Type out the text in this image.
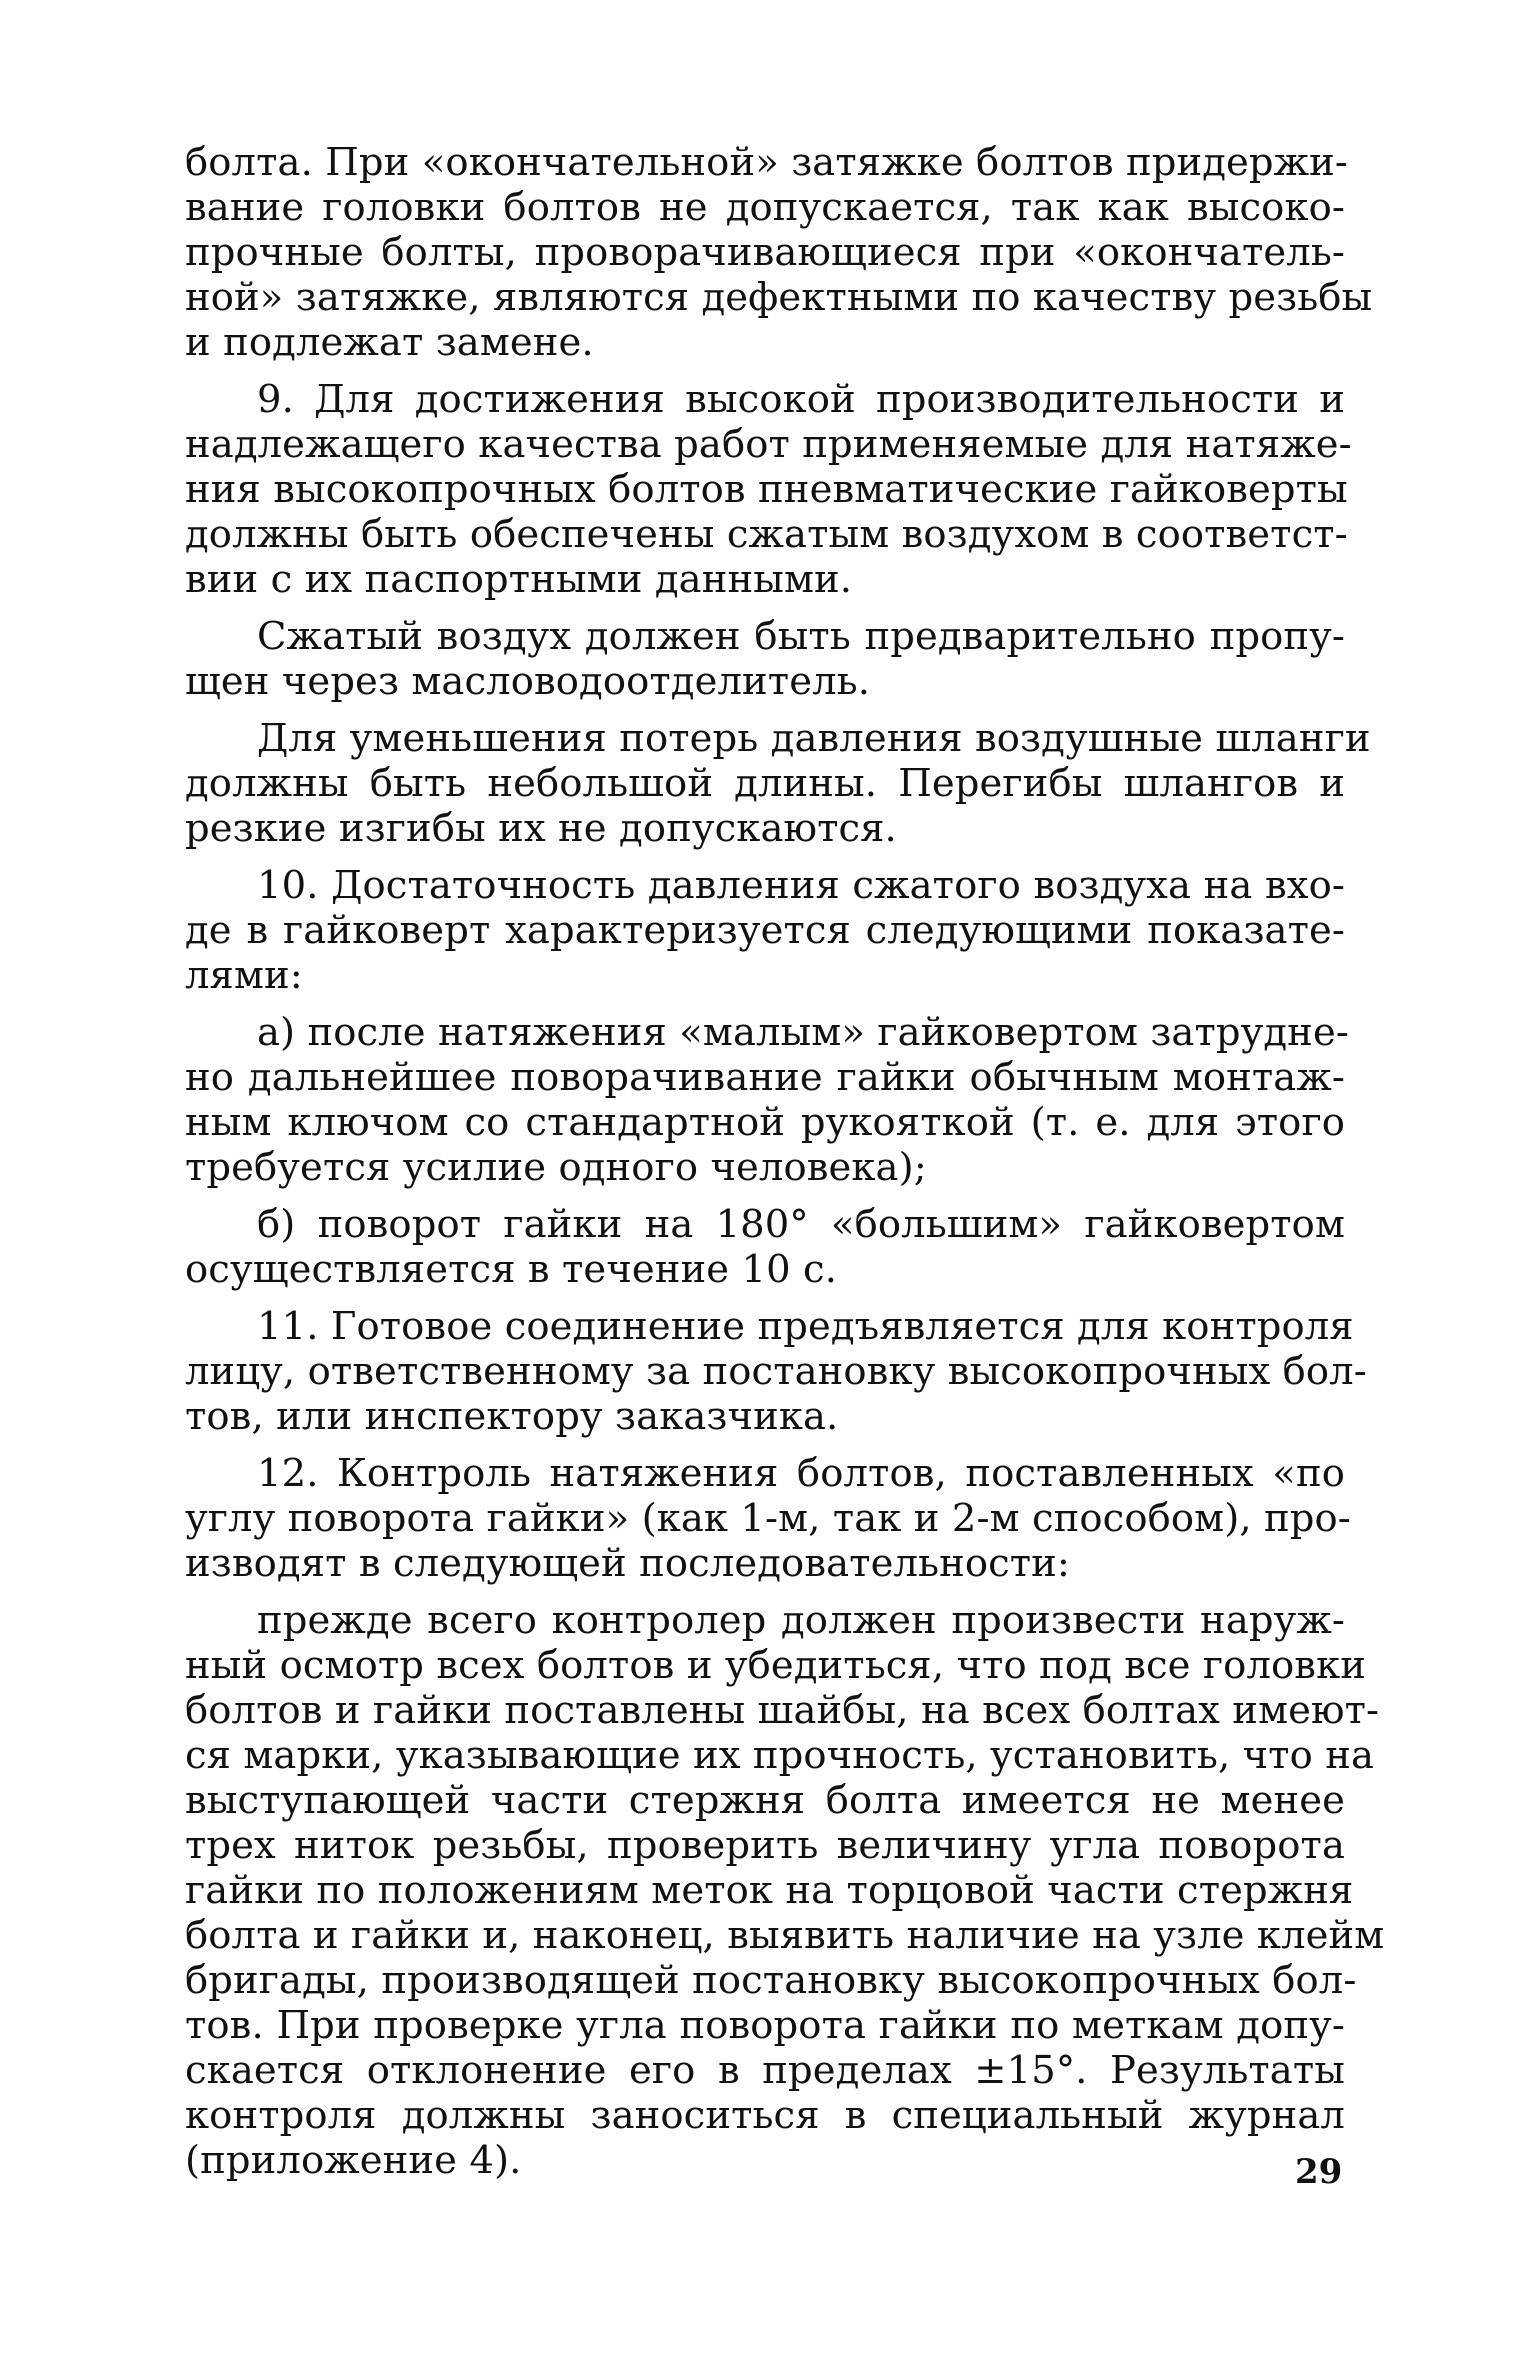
болта. При «окончательной» затяжке болтов придержи-
вание головки болтов не допускается, так как высоко-
прочные болты, проворачивающиеся при «окончатель-
ной» затяжке, являются дефектными по качеству резьбы
и подлежат замене.
9. Для достижения высокой производительности и
надлежащего качества работ применяемые для натяже-
ния высокопрочных болтов пневматические гайковерты
должны быть обеспечены сжатым воздухом в соответст-
вии с их паспортными данными.
Сжатый воздух должен быть предварительно пропу-
щен через масловодоотделитель.
Для уменьшения потерь давления воздушные шланги
должны быть небольшой длины. Перегибы шлангов и
резкие изгибы их не допускаются.
10. Достаточность давления сжатого воздуха на вхо-
де в гайковерт характеризуется следующими показате-
лями:
а) после натяжения «малым» гайковертом затрудне-
но дальнейшее поворачивание гайки обычным монтаж-
ным ключом со стандартной рукояткой (т. е. для этого
требуется усилие одного человека);
б) поворот гайки на 180° «большим» гайковертом
осуществляется в течение 10 с.
11. Готовое соединение предъявляется для контроля
лицу, ответственному за постановку высокопрочных бол-
тов, или инспектору заказчика.
12. Контроль натяжения болтов, поставленных «по
углу поворота гайки» (как 1-м, так и 2-м способом), про-
изводят в следующей последовательности:
прежде всего контролер должен произвести наруж-
ный осмотр всех болтов и убедиться, что под все головки
болтов и гайки поставлены шайбы, на всех болтах имеют-
ся марки, указывающие их прочность, установить, что на
выступающей части стержня болта имеется не менее
трех ниток резьбы, проверить величину угла поворота
гайки по положениям меток на торцовой части стержня
болта и гайки и, наконец, выявить наличие на узле клейм
бригады, производящей постановку высокопрочных бол-
тов. При проверке угла поворота гайки по меткам допу-
скается отклонение его в пределах ±15°. Результаты
контроля должны заноситься в специальный журнал
(приложение 4).	29
